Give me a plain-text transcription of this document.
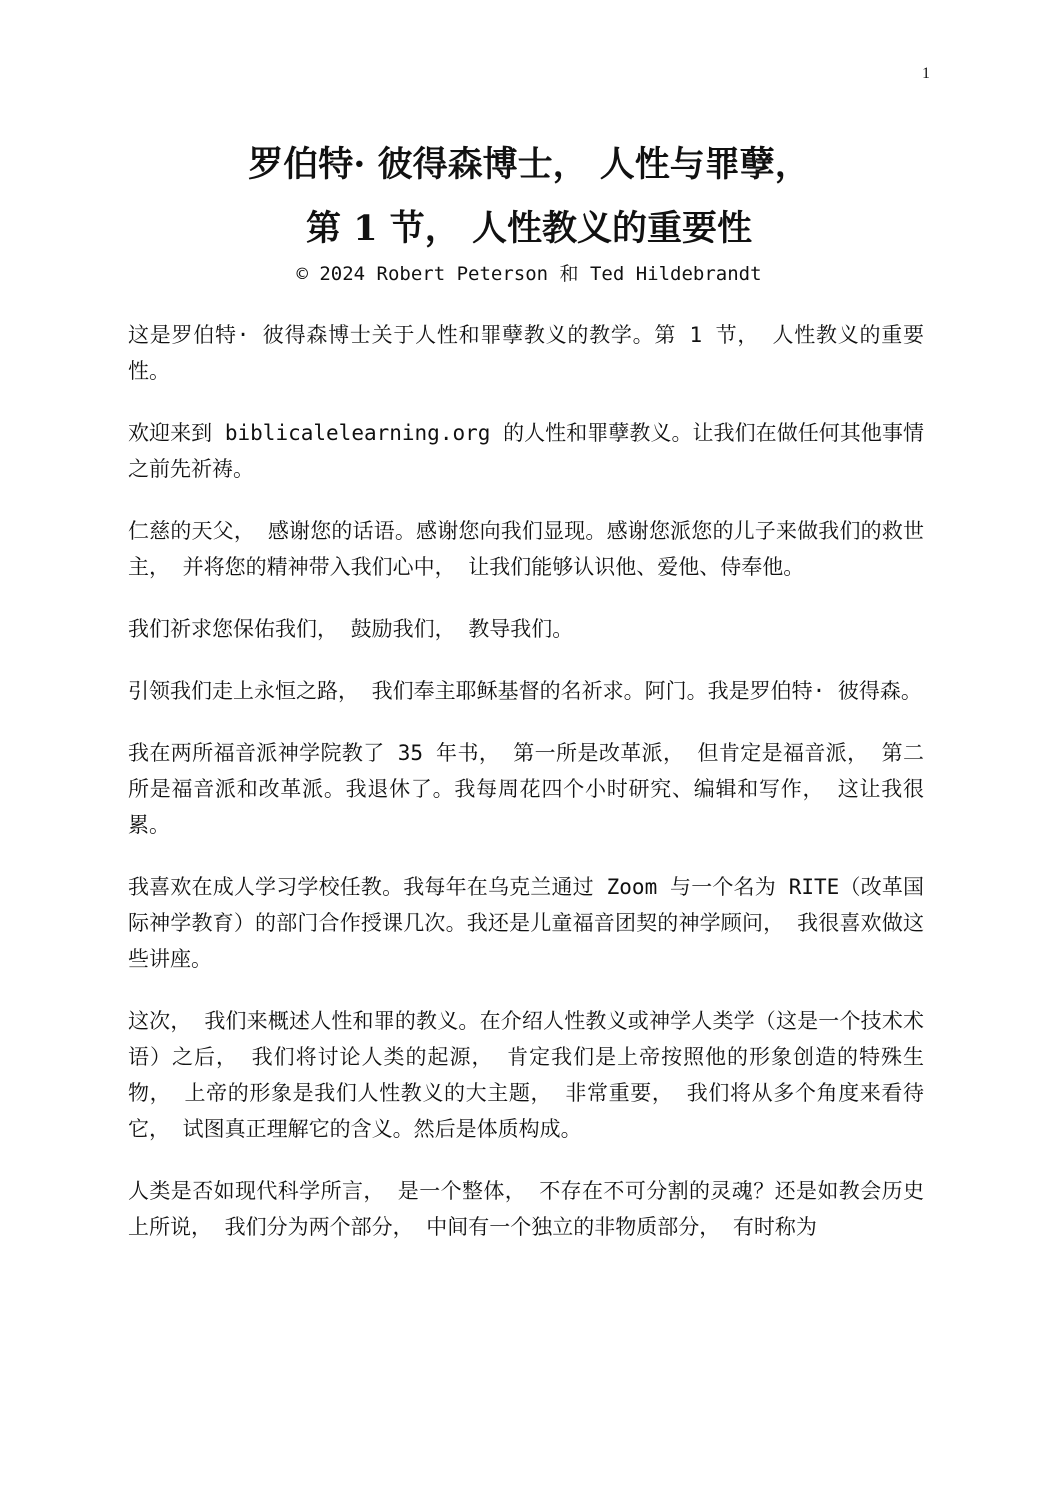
1
罗伯特· 彼得森博士， 人性与罪孽，
第 1 节， 人性教义的重要性
© 2024 Robert Peterson 和 Ted Hildebrandt

这是罗伯特· 彼得森博士关于人性和罪孽教义的教学。第 1 节， 人性教义的重要性。

欢迎来到 biblicalelearning.org 的人性和罪孽教义。让我们在做任何其他事情之前先祈祷。

仁慈的天父， 感谢您的话语。感谢您向我们显现。感谢您派您的儿子来做我们的救世主， 并将您的精神带入我们心中， 让我们能够认识他、爱他、侍奉他。

我们祈求您保佑我们， 鼓励我们， 教导我们。

引领我们走上永恒之路， 我们奉主耶稣基督的名祈求。阿门。我是罗伯特· 彼得森。

我在两所福音派神学院教了 35 年书， 第一所是改革派， 但肯定是福音派， 第二所是福音派和改革派。我退休了。我每周花四个小时研究、编辑和写作， 这让我很累。

我喜欢在成人学习学校任教。我每年在乌克兰通过 Zoom 与一个名为 RITE（改革国际神学教育）的部门合作授课几次。我还是儿童福音团契的神学顾问， 我很喜欢做这些讲座。

这次， 我们来概述人性和罪的教义。在介绍人性教义或神学人类学（这是一个技术术语）之后， 我们将讨论人类的起源， 肯定我们是上帝按照他的形象创造的特殊生物， 上帝的形象是我们人性教义的大主题， 非常重要， 我们将从多个角度来看待它， 试图真正理解它的含义。然后是体质构成。

人类是否如现代科学所言， 是一个整体， 不存在不可分割的灵魂？还是如教会历史上所说， 我们分为两个部分， 中间有一个独立的非物质部分， 有时称为
